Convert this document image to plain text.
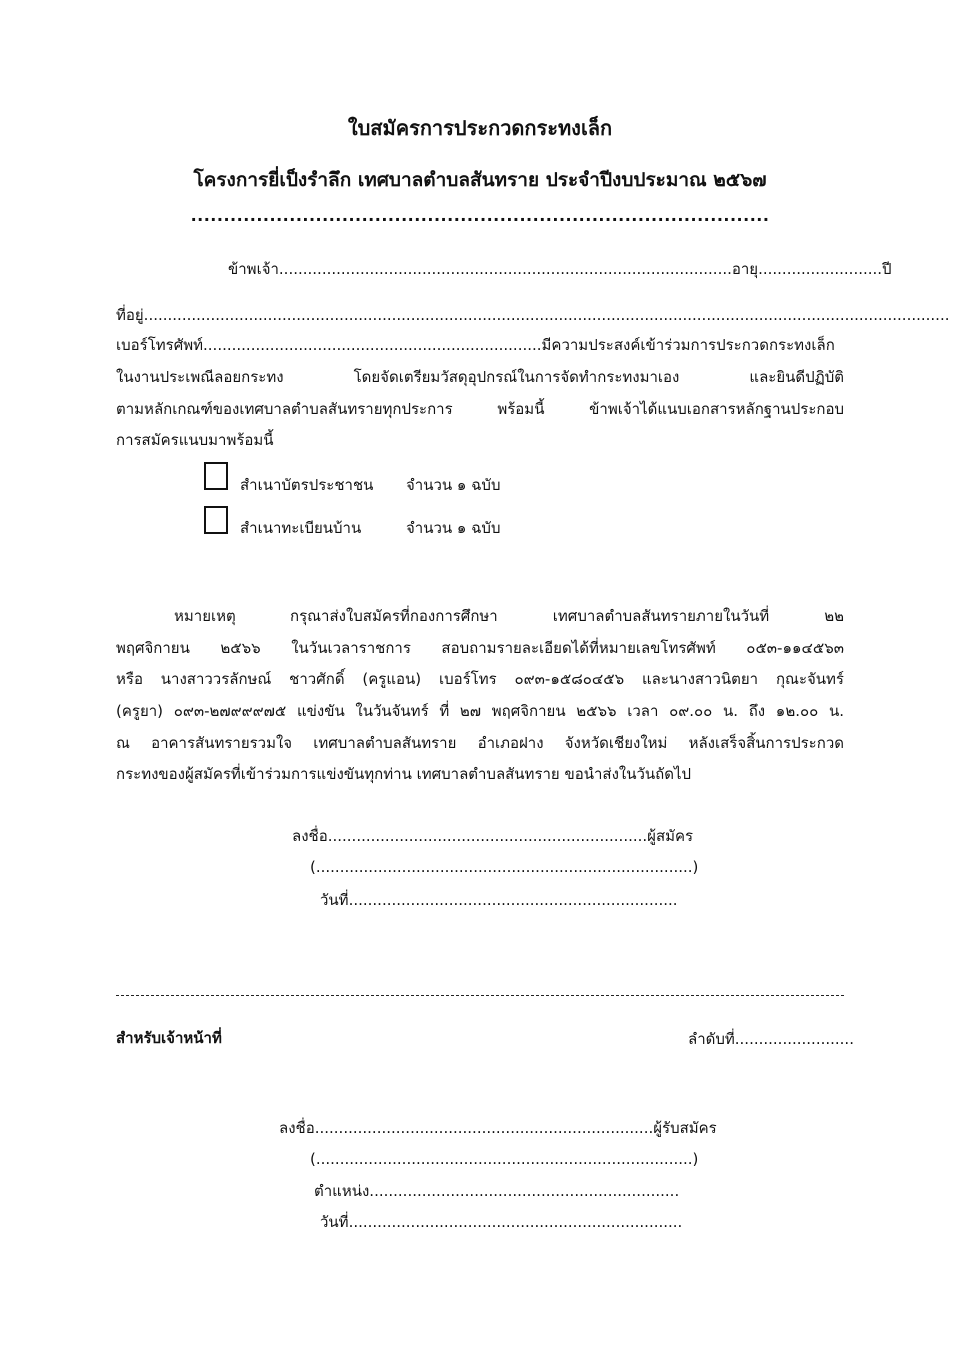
ใบสมัครการประกวดกระทงเล็ก
โครงการยี่เป็งรำลึก เทศบาลตำบลสันทราย ประจำปีงบประมาณ ๒๕๖๗
........................................................................................
ข้าพเจ้า...............................................................................................อายุ..........................ปี
ที่อยู่.........................................................................................................................................................................
เบอร์โทรศัพท์.......................................................................มีความประสงค์เข้าร่วมการประกวดกระทงเล็ก
ในงานประเพณีลอยกระทง โดยจัดเตรียมวัสดุอุปกรณ์ในการจัดทำกระทงมาเอง และยินดีปฏิบัติ
ตามหลักเกณฑ์ของเทศบาลตำบลสันทรายทุกประการ พร้อมนี้ ข้าพเจ้าได้แนบเอกสารหลักฐานประกอบ
การสมัครแนบมาพร้อมนี้
สำเนาบัตรประชาชน จำนวน ๑ ฉบับ
สำเนาทะเบียนบ้าน	จำนวน ๑ ฉบับ
หมายเหตุ	กรุณาส่งใบสมัครที่กองการศึกษา เทศบาลตำบลสันทรายภายในวันที่ ๒๒
พฤศจิกายน ๒๕๖๖ ในวันเวลาราชการ สอบถามรายละเอียดได้ที่หมายเลขโทรศัพท์ ๐๕๓-๑๑๔๕๖๓
หรือ นางสาววรลักษณ์ ชาวศักดิ์ (ครูแอน) เบอร์โทร ๐๙๓-๑๕๘๐๔๕๖ และนางสาวนิตยา กุณะจันทร์
(ครูยา) ๐๙๓-๒๗๙๙๙๗๕ แข่งขัน ในวันจันทร์ ที่ ๒๗ พฤศจิกายน ๒๕๖๖ เวลา ๐๙.๐๐ น. ถึง ๑๒.๐๐ น.
ณ อาคารสันทรายรวมใจ เทศบาลตำบลสันทราย อำเภอฝาง จังหวัดเชียงใหม่ หลังเสร็จสิ้นการประกวด
กระทงของผู้สมัครที่เข้าร่วมการแข่งขันทุกท่าน เทศบาลตำบลสันทราย ขอนำส่งในวันถัดไป
ลงชื่อ...................................................................ผู้สมัคร
(...............................................................................)
วันที่.....................................................................
สำหรับเจ้าหน้าที่	ลำดับที่.........................
ลงชื่อ.......................................................................ผู้รับสมัคร
(...............................................................................)
ตำแหน่ง.................................................................
วันที่......................................................................
